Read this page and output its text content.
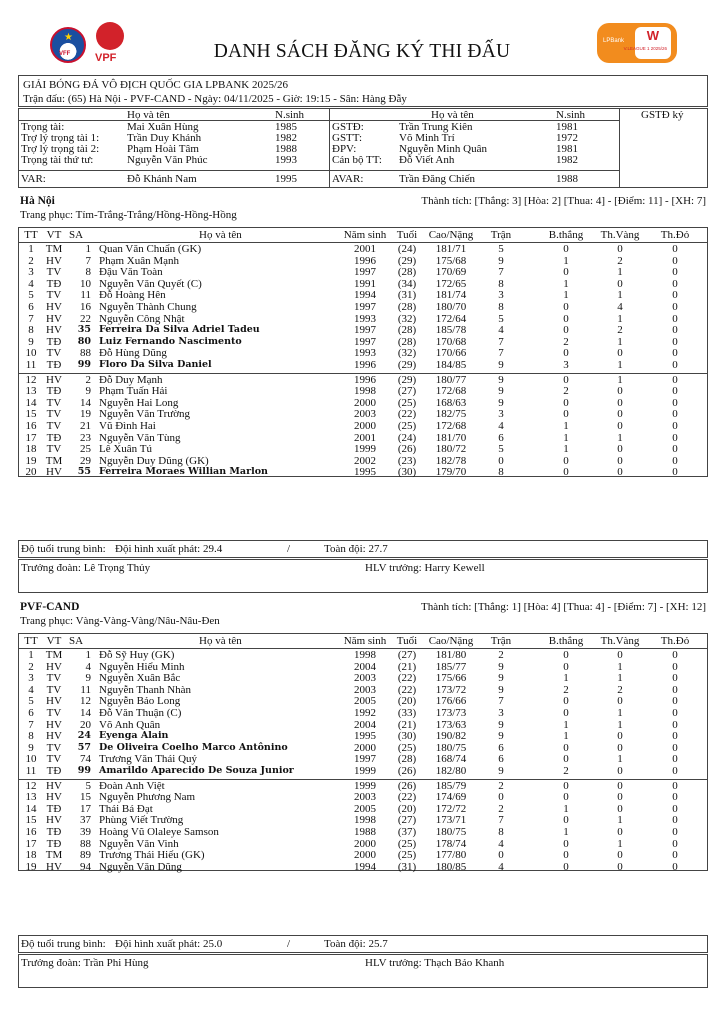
★
VFF VPF
LPBank W
V.LEAGUE 1 2025/26
DANH SÁCH ĐĂNG KÝ THI ĐẤU
GIẢI BÓNG ĐÁ VÔ ĐỊCH QUỐC GIA LPBANK 2025/26
Trận đấu: (65) Hà Nội - PVF-CAND - Ngày: 04/11/2025 - Giờ: 19:15 - Sân: Hàng Đẫy
Họ và tên	N.sinh	Họ và tên	N.sinh	GSTĐ ký
Trọng tài:	Mai Xuân Hùng	1985
Trợ lý trọng tài 1:	Trần Duy Khánh	1982
Trợ lý trọng tài 2:	Phạm Hoài Tâm	1988
Trọng tài thứ tư:	Nguyễn Văn Phúc	1993
VAR:	Đỗ Khánh Nam	1995
GSTĐ:	Trần Trung Kiên	1981
GSTT:	Võ Minh Trí	1972
ĐPV:	Nguyễn Minh Quân	1981
Cán bộ TT: Đỗ Viết Anh	1982
AVAR:	Trần Đăng Chiến	1988
Hà Nội	Thành tích: [Thắng: 3] [Hòa: 2] [Thua: 4] - [Điểm: 11] - [XH: 7]
Trang phục: Tím-Trắng-Trắng/Hồng-Hồng-Hồng
TT VT SA	Họ và tên	Năm sinh Tuổi	Cao/Nặng	Trận	B.thắng	Th.Vàng	Th.Đỏ
1	TM	1 Quan Văn Chuẩn (GK)	2001	(24)	181/71	5	0	0	0
2	HV	7 Phạm Xuân Mạnh	1996	(29)	175/68	9	1	2	0
3	TV	8 Đậu Văn Toàn	1997	(28)	170/69	7	0	1	0
4	TĐ	10 Nguyễn Văn Quyết (C)	1991	(34)	172/65	8	1	0	0
5	TV	11 Đỗ Hoàng Hên	1994	(31)	181/74	3	1	1	0
6	HV	16 Nguyễn Thành Chung	1997	(28)	180/70	8	0	4	0
7	HV	22 Nguyễn Công Nhật	1993	(32)	172/64	5	0	1	0
8	HV	35 Ferreira Da Silva Adriel Tadeu	1997	(28)	185/78	4	0	2	0
9	TĐ	80 Luiz Fernando Nascimento	1997	(28)	170/68	7	2	1	0
10 TV	88 Đỗ Hùng Dũng	1993	(32)	170/66	7	0	0	0
11 TĐ	99 Floro Da Silva Daniel	1996	(29)	184/85	9	3	1	0
12 HV	2 Đỗ Duy Mạnh	1996	(29)	180/77	9	0	1	0
13 TĐ	9 Phạm Tuấn Hải	1998	(27)	172/68	9	2	0	0
14 TV	14 Nguyễn Hai Long	2000	(25)	168/63	9	0	0	0
15 TV	19 Nguyễn Văn Trường	2003	(22)	182/75	3	0	0	0
16 TV	21 Vũ Đình Hai	2000	(25)	172/68	4	1	0	0
17 TĐ	23 Nguyễn Văn Tùng	2001	(24)	181/70	6	1	1	0
18 TV	25 Lê Xuân Tú	1999	(26)	180/72	5	1	0	0
19 TM	29 Nguyễn Duy Dũng (GK)	2002	(23)	182/78	0	0	0	0
20 HV	55 Ferreira Moraes Willian Marlon	1995	(30)	179/70	8	0	0	0
Độ tuổi trung bình: Đội hình xuất phát: 29.4	/	Toàn đội: 27.7
Trưởng đoàn: Lê Trọng Thủy	HLV trưởng: Harry Kewell
PVF-CAND	Thành tích: [Thắng: 1] [Hòa: 4] [Thua: 4] - [Điểm: 7] - [XH: 12]
Trang phục: Vàng-Vàng-Vàng/Nâu-Nâu-Đen
TT VT SA	Họ và tên	Năm sinh Tuổi	Cao/Nặng	Trận	B.thắng	Th.Vàng	Th.Đỏ
1	TM	1 Đỗ Sỹ Huy (GK)	1998	(27)	181/80	2	0	0	0
2	HV	4 Nguyễn Hiểu Minh	2004	(21)	185/77	9	0	1	0
3	TV	9 Nguyễn Xuân Bắc	2003	(22)	175/66	9	1	1	0
4	TV	11 Nguyễn Thanh Nhàn	2003	(22)	173/72	9	2	2	0
5	HV	12 Nguyễn Bảo Long	2005	(20)	176/66	7	0	0	0
6	TV	14 Đỗ Văn Thuận (C)	1992	(33)	173/73	3	0	1	0
7	HV	20 Võ Anh Quân	2004	(21)	173/63	9	1	1	0
8	HV	24 Eyenga Alain	1995	(30)	190/82	9	1	0	0
9	TV	57 De Oliveira Coelho Marco Antônino	2000	(25)	180/75	6	0	0	0
10 TV	74 Trương Văn Thái Quý	1997	(28)	168/74	6	0	1	0
11 TĐ	99 Amarildo Aparecido De Souza Junior	1999	(26)	182/80	9	2	0	0
12 HV	5 Đoàn Anh Việt	1999	(26)	185/79	2	0	0	0
13 HV	15 Nguyễn Phương Nam	2003	(22)	174/69	0	0	0	0
14 TĐ	17 Thái Bá Đạt	2005	(20)	172/72	2	1	0	0
15 HV	37 Phùng Viết Trường	1998	(27)	173/71	7	0	1	0
16 TĐ	39 Hoàng Vũ Olaleye Samson	1988	(37)	180/75	8	1	0	0
17 TĐ	88 Nguyễn Văn Vinh	2000	(25)	178/74	4	0	1	0
18 TM	89 Trương Thái Hiếu (GK)	2000	(25)	177/80	0	0	0	0
19 HV	94 Nguyễn Văn Dũng	1994	(31)	180/85	4	0	0	0
Độ tuổi trung bình: Đội hình xuất phát: 25.0	/	Toàn đội: 25.7
Trưởng đoàn: Trần Phi Hùng	HLV trưởng: Thạch Bảo Khanh
